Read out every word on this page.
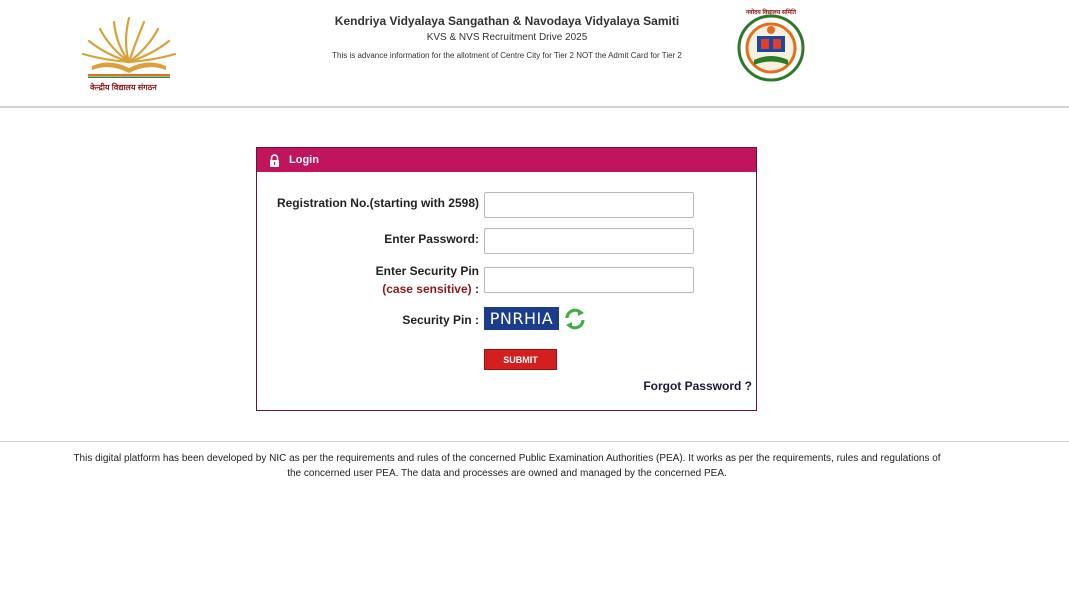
केन्द्रीय विद्यालय संगठन
Kendriya Vidyalaya Sangathan & Navodaya Vidyalaya Samiti
KVS & NVS Recruitment Drive 2025
This is advance information for the allotment of Centre City for Tier 2 NOT the Admit Card for Tier 2
नवोदय विद्यालय समिति
Login
Registration No.(starting with 2598)
Enter Password:
Enter Security Pin
(case sensitive) :
Security Pin : PNRHIA
SUBMIT
Forgot Password ?
This digital platform has been developed by NIC as per the requirements and rules of the concerned Public Examination Authorities (PEA). It works as per the requirements, rules and regulations of the concerned user PEA. The data and processes are owned and managed by the concerned PEA.
